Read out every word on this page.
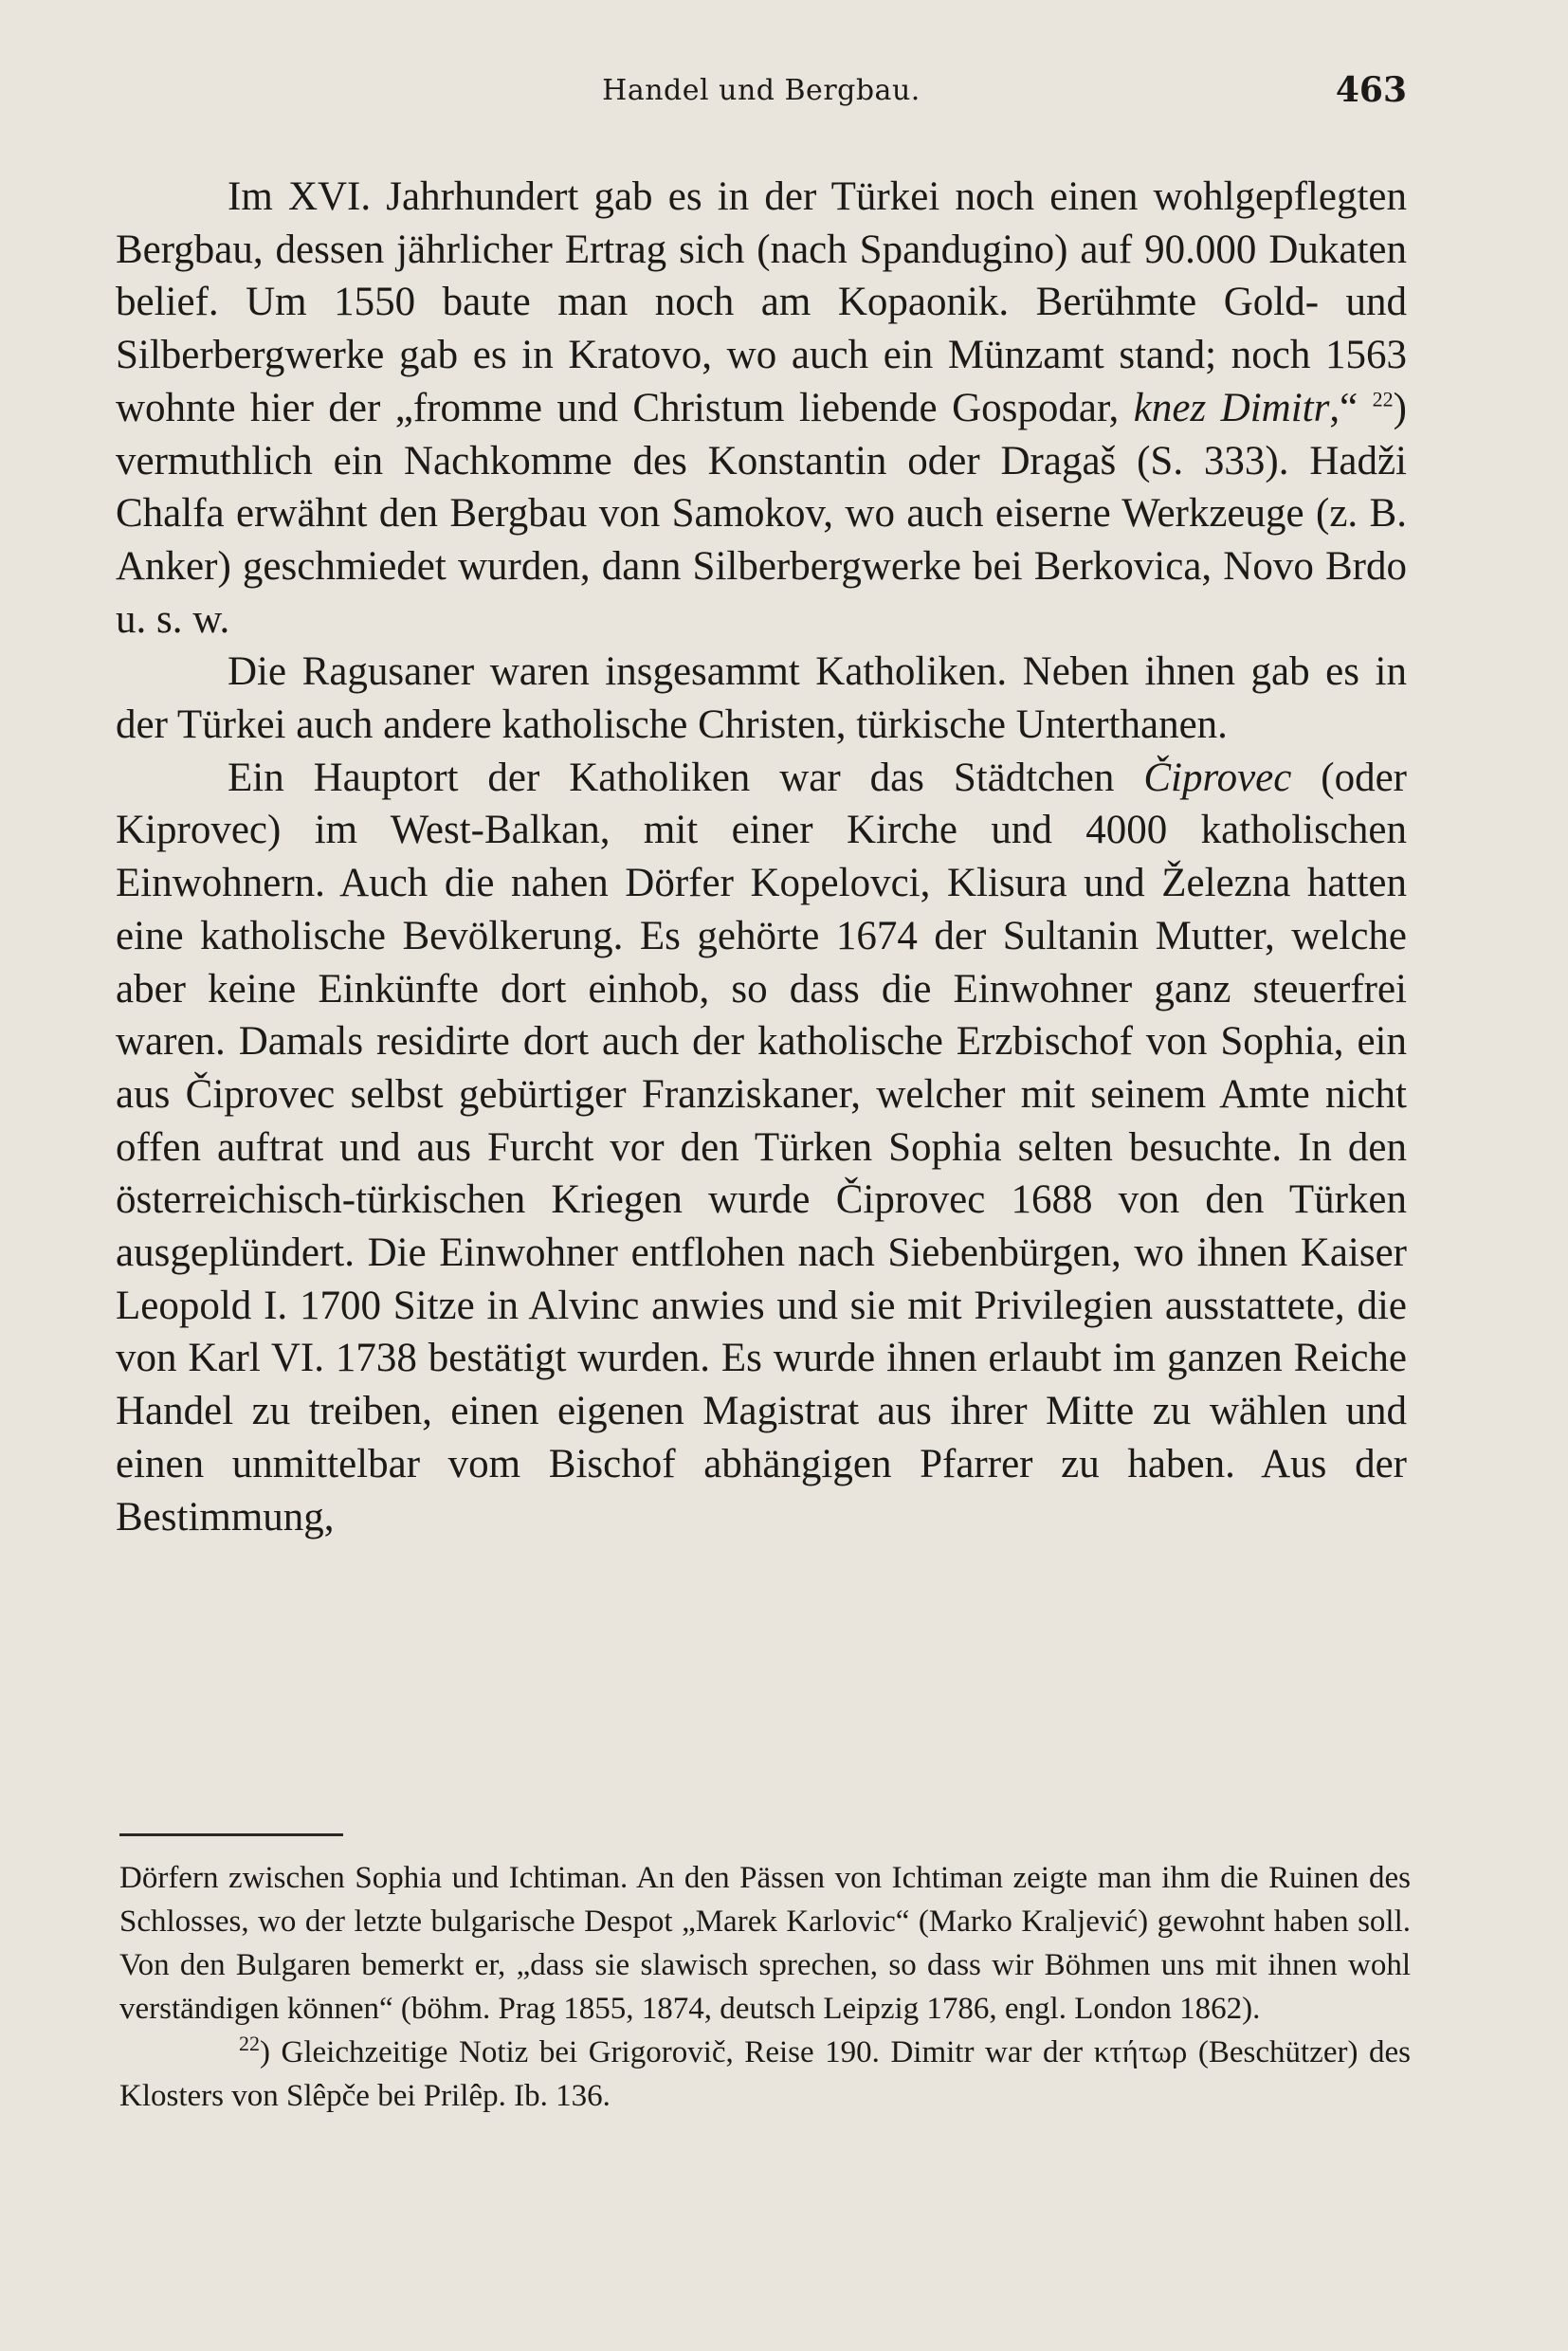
Handel und Bergbau.	463

Im XVI. Jahrhundert gab es in der Türkei noch einen wohlgepflegten Bergbau, dessen jährlicher Ertrag sich (nach Spandugino) auf 90.000 Dukaten belief. Um 1550 baute man noch am Kopaonik. Berühmte Gold- und Silberbergwerke gab es in Kratovo, wo auch ein Münzamt stand; noch 1563 wohnte hier der „fromme und Christum liebende Gospodar, knez Dimitr,“ $^{22}$) vermuthlich ein Nachkomme des Konstantin oder Dragaš (S. 333). Hadži Chalfa erwähnt den Bergbau von Samokov, wo auch eiserne Werkzeuge (z. B. Anker) geschmiedet wurden, dann Silberbergwerke bei Berkovica, Novo Brdo u. s. w.

Die Ragusaner waren insgesammt Katholiken. Neben ihnen gab es in der Türkei auch andere katholische Christen, türkische Unterthanen.

Ein Hauptort der Katholiken war das Städtchen Čiprovec (oder Kiprovec) im West-Balkan, mit einer Kirche und 4000 katholischen Einwohnern. Auch die nahen Dörfer Kopelovci, Klisura und Železna hatten eine katholische Bevölkerung. Es gehörte 1674 der Sultanin Mutter, welche aber keine Einkünfte dort einhob, so dass die Einwohner ganz steuerfrei waren. Damals residirte dort auch der katholische Erzbischof von Sophia, ein aus Čiprovec selbst gebürtiger Franziskaner, welcher mit seinem Amte nicht offen auftrat und aus Furcht vor den Türken Sophia selten besuchte. In den österreichisch-türkischen Kriegen wurde Čiprovec 1688 von den Türken ausgeplündert. Die Einwohner entflohen nach Siebenbürgen, wo ihnen Kaiser Leopold I. 1700 Sitze in Alvinc anwies und sie mit Privilegien ausstattete, die von Karl VI. 1738 bestätigt wurden. Es wurde ihnen erlaubt im ganzen Reiche Handel zu treiben, einen eigenen Magistrat aus ihrer Mitte zu wählen und einen unmittelbar vom Bischof abhängigen Pfarrer zu haben. Aus der Bestimmung,

Dörfern zwischen Sophia und Ichtiman. An den Pässen von Ichtiman zeigte man ihm die Ruinen des Schlosses, wo der letzte bulgarische Despot „Marek Karlovic“ (Marko Kraljević) gewohnt haben soll. Von den Bulgaren bemerkt er, „dass sie slawisch sprechen, so dass wir Böhmen uns mit ihnen wohl verständigen können“ (böhm. Prag 1855, 1874, deutsch Leipzig 1786, engl. London 1862).

$^{22}$) Gleichzeitige Notiz bei Grigorovič, Reise 190. Dimitr war der κτήτωρ (Beschützer) des Klosters von Slêpče bei Prilêp. Ib. 136.
